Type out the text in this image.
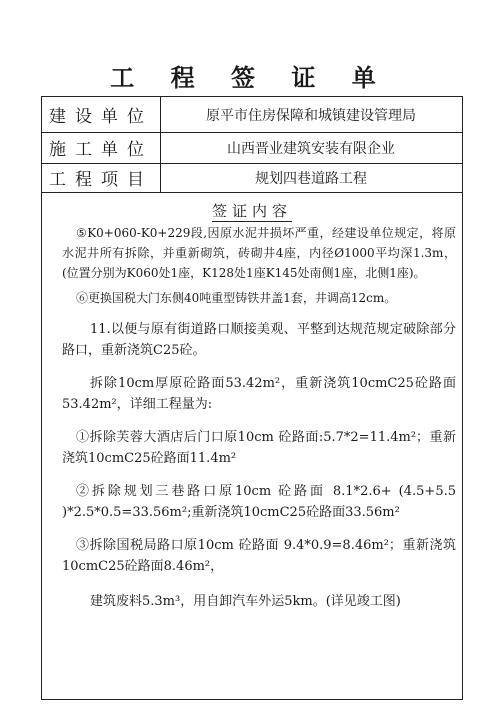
工 程 签 证 单
建设单位	原平市住房保障和城镇建设管理局
施工单位	山西晋业建筑安装有限企业
工程项目	规划四巷道路工程
签证内容

⑤K0+060-K0+229段,因原水泥井损坏严重，经建设单位规定，将原水泥井所有拆除，并重新砌筑，砖砌井4座，内径Ø1000平均深1.3m，(位置分别为K060处1座，K128处1座K145处南侧1座，北侧1座)。

⑥更换国税大门东侧40吨重型铸铁井盖1套，井调高12cm。

11.以便与原有街道路口顺接美观、平整到达规范规定破除部分路口，重新浇筑C25砼。

拆除10cm厚原砼路面53.42m²，重新浇筑10cmC25砼路面53.42m²，详细工程量为:

①拆除芙蓉大酒店后门口原10cm 砼路面:5.7*2=11.4m²；重新浇筑10cmC25砼路面11.4m²

②拆除规划三巷路口原10cm 砼路面 8.1*2.6+ (4.5+5.5 )*2.5*0.5=33.56m²;重新浇筑10cmC25砼路面33.56m²

③拆除国税局路口原10cm 砼路面 9.4*0.9=8.46m²；重新浇筑10cmC25砼路面8.46m²，

建筑废料5.3m³，用自卸汽车外运5km。(详见竣工图)
